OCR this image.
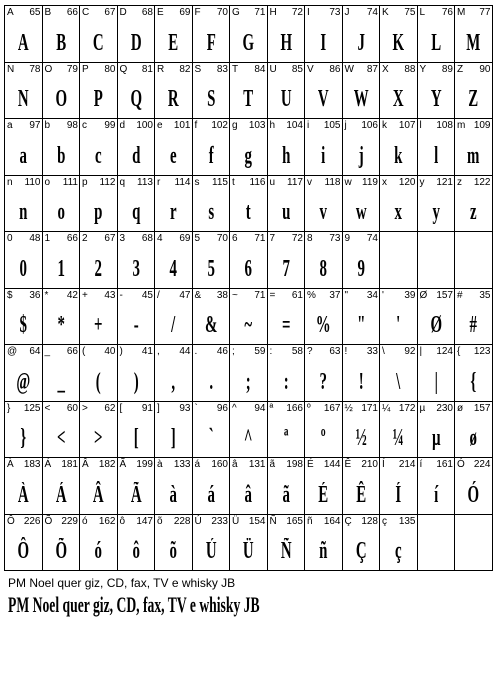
A 65
A
B 66
B
C 67
C
D 68
D
E 69
E
F 70
F
G 71
G
H 72
H
I 73
I
J 74
J
K 75
K
L 76
L
M 77
M
N 78
N
O 79
O
P 80
P
Q 81
Q
R 82
R
S 83
S
T 84
T
U 85
U
V 86
V
W 87
W
X 88
X
Y 89
Y
Z 90
Z
a 97
a
b 98
b
c 99
c
d 100
d
e 101
e
f 102
f
g 103
g
h 104
h
i 105
i
j 106
j
k 107
k
l 108
l
m 109
m
n 110
n
o 111
o
p 112
p
q 113
q
r 114
r
s 115
s
t 116
t
u 117
u
v 118
v
w 119
w
x 120
x
y 121
y
z 122
z
0 48
0
1 66
1
2 67
2
3 68
3
4 69
4
5 70
5
6 71
6
7 72
7
8 73
8
9 74
9
$ 36
$
* 42
*
+ 43
+
- 45
-
/ 47
/
& 38
&
~ 71
~
= 61
=
% 37
%
" 34
"
' 39
'
Ø 157
Ø
# 35
#
@ 64
@
_ 66
_
( 40
(
) 41
)
, 44
,
. 46
.
; 59
;
: 58
:
? 63
?
! 33
!
\ 92
\
| 124
|
{ 123
{
} 125
}
< 60
<
> 62
>
[ 91
[
] 93
]
` 96
`
^ 94
^
ª 166
ª
º 167
º
½ 171
½
¼ 172
¼
µ 230
µ
ø 157
ø
À 183
À
Á 181
Á
Â 182
Â
Ã 199
Ã
à 133
à
á 160
á
â 131
â
ã 198
ã
É 144
É
Ê 210
Ê
Í 214
Í
í 161
í
Ó 224
Ó
Ô 226
Ô
Õ 229
Õ
ó 162
ó
ô 147
ô
õ 228
õ
Ú 233
Ú
Ü 154
Ü
Ñ 165
Ñ
ñ 164
ñ
Ç 128
Ç
ç 135
ç
PM Noel quer giz, CD, fax, TV e whisky JB
PM Noel quer giz, CD, fax, TV e whisky JB
